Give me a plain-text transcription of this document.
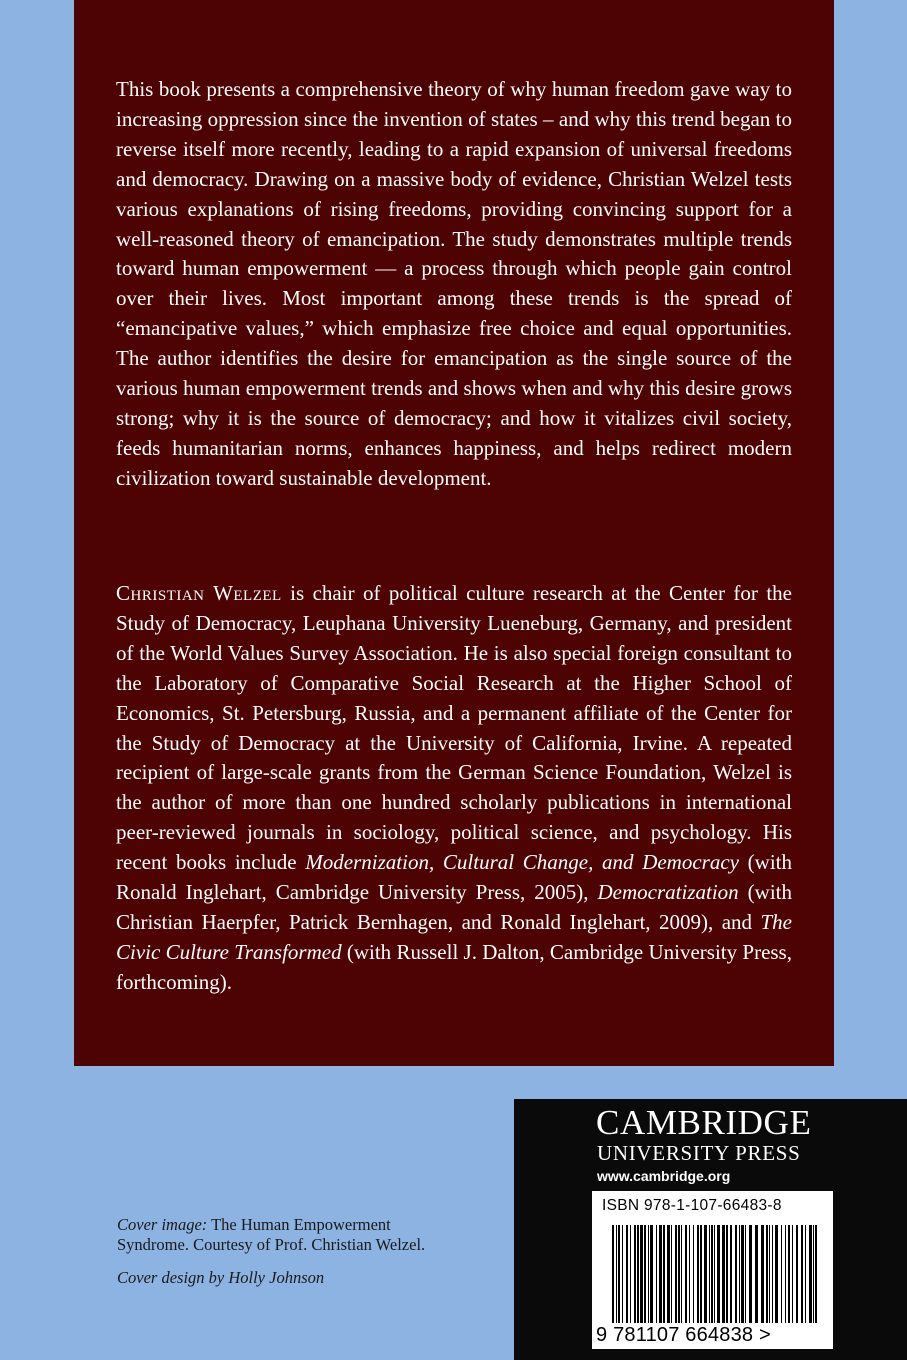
This book presents a comprehensive theory of why human freedom gave way to increasing oppression since the invention of states – and why this trend began to reverse itself more recently, leading to a rapid expansion of universal freedoms and democracy. Drawing on a massive body of evidence, Christian Welzel tests various explanations of rising freedoms, providing convincing support for a well-reasoned theory of emancipation. The study demonstrates multiple trends toward human empowerment — a process through which people gain control over their lives. Most important among these trends is the spread of “emancipative values,” which emphasize free choice and equal opportunities. The author identifies the desire for emancipation as the single source of the various human empowerment trends and shows when and why this desire grows strong; why it is the source of democracy; and how it vitalizes civil society, feeds humanitarian norms, enhances happiness, and helps redirect modern civilization toward sustainable development.
Christian Welzel is chair of political culture research at the Center for the Study of Democracy, Leuphana University Lueneburg, Germany, and president of the World Values Survey Association. He is also special foreign consultant to the Laboratory of Comparative Social Research at the Higher School of Economics, St. Petersburg, Russia, and a permanent affiliate of the Center for the Study of Democracy at the University of California, Irvine. A repeated recipient of large-scale grants from the German Science Foundation, Welzel is the author of more than one hundred scholarly publications in international peer-reviewed journals in sociology, political science, and psychology. His recent books include Modernization, Cultural Change, and Democracy (with Ronald Inglehart, Cambridge University Press, 2005), Democratization (with Christian Haerpfer, Patrick Bernhagen, and Ronald Inglehart, 2009), and The Civic Culture Transformed (with Russell J. Dalton, Cambridge University Press, forthcoming).
Cover image: The Human Empowerment
Syndrome. Courtesy of Prof. Christian Welzel.
Cover design by Holly Johnson
CAMBRIDGE
UNIVERSITY PRESS
www.cambridge.org
ISBN 978-1-107-66483-8
9 781107 664838 >
